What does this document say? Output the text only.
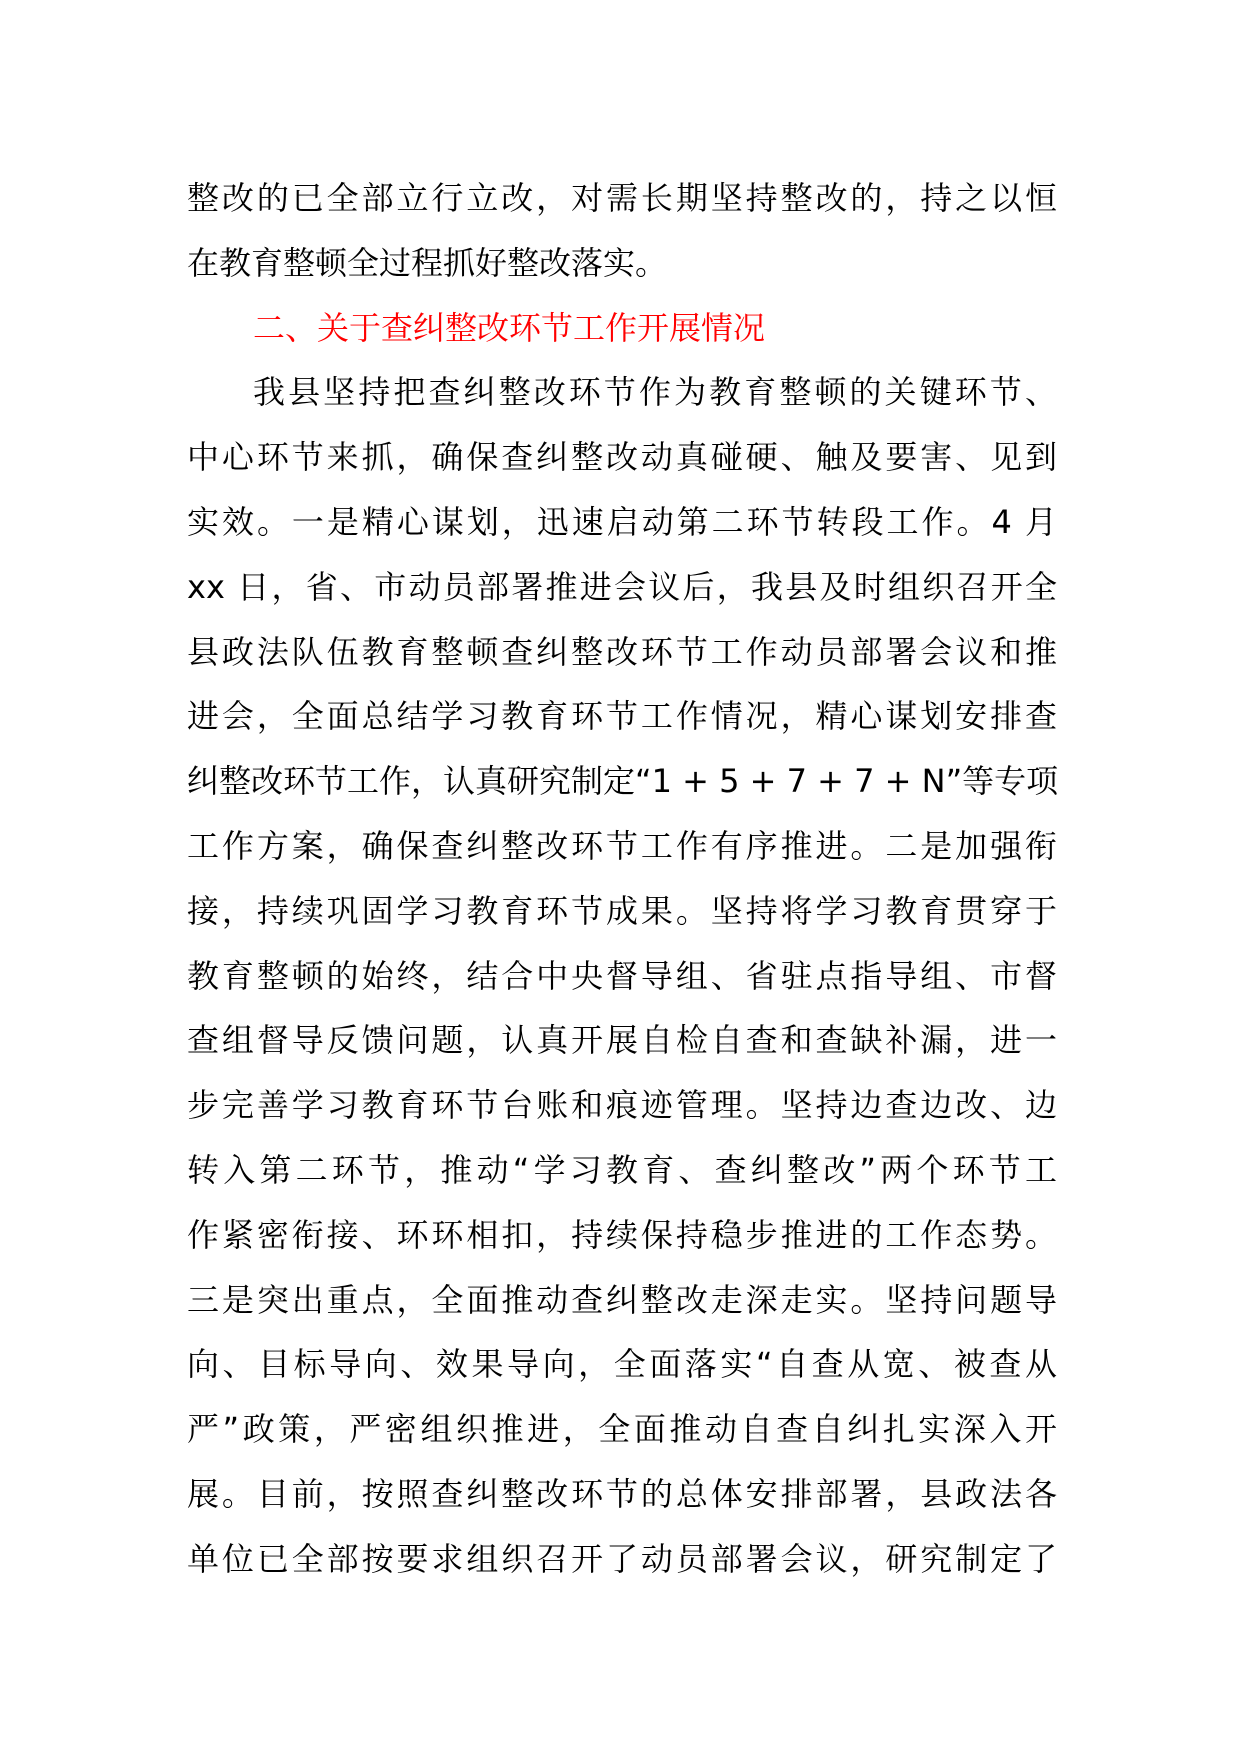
整改的已全部立行立改，对需长期坚持整改的，持之以恒
在教育整顿全过程抓好整改落实。
二、关于查纠整改环节工作开展情况
我县坚持把查纠整改环节作为教育整顿的关键环节、
中心环节来抓，确保查纠整改动真碰硬、触及要害、见到
实效。一是精心谋划，迅速启动第二环节转段工作。4 月
xx 日，省、市动员部署推进会议后，我县及时组织召开全
县政法队伍教育整顿查纠整改环节工作动员部署会议和推
进会，全面总结学习教育环节工作情况，精心谋划安排查
纠整改环节工作，认真研究制定“1 + 5 + 7 + 7 + N”等专项
工作方案，确保查纠整改环节工作有序推进。二是加强衔
接，持续巩固学习教育环节成果。坚持将学习教育贯穿于
教育整顿的始终，结合中央督导组、省驻点指导组、市督
查组督导反馈问题，认真开展自检自查和查缺补漏，进一
步完善学习教育环节台账和痕迹管理。坚持边查边改、边
转入第二环节，推动“学习教育、查纠整改”两个环节工
作紧密衔接、环环相扣，持续保持稳步推进的工作态势。
三是突出重点，全面推动查纠整改走深走实。坚持问题导
向、目标导向、效果导向，全面落实“自查从宽、被查从
严”政策，严密组织推进，全面推动自查自纠扎实深入开
展。目前，按照查纠整改环节的总体安排部署，县政法各
单位已全部按要求组织召开了动员部署会议，研究制定了
